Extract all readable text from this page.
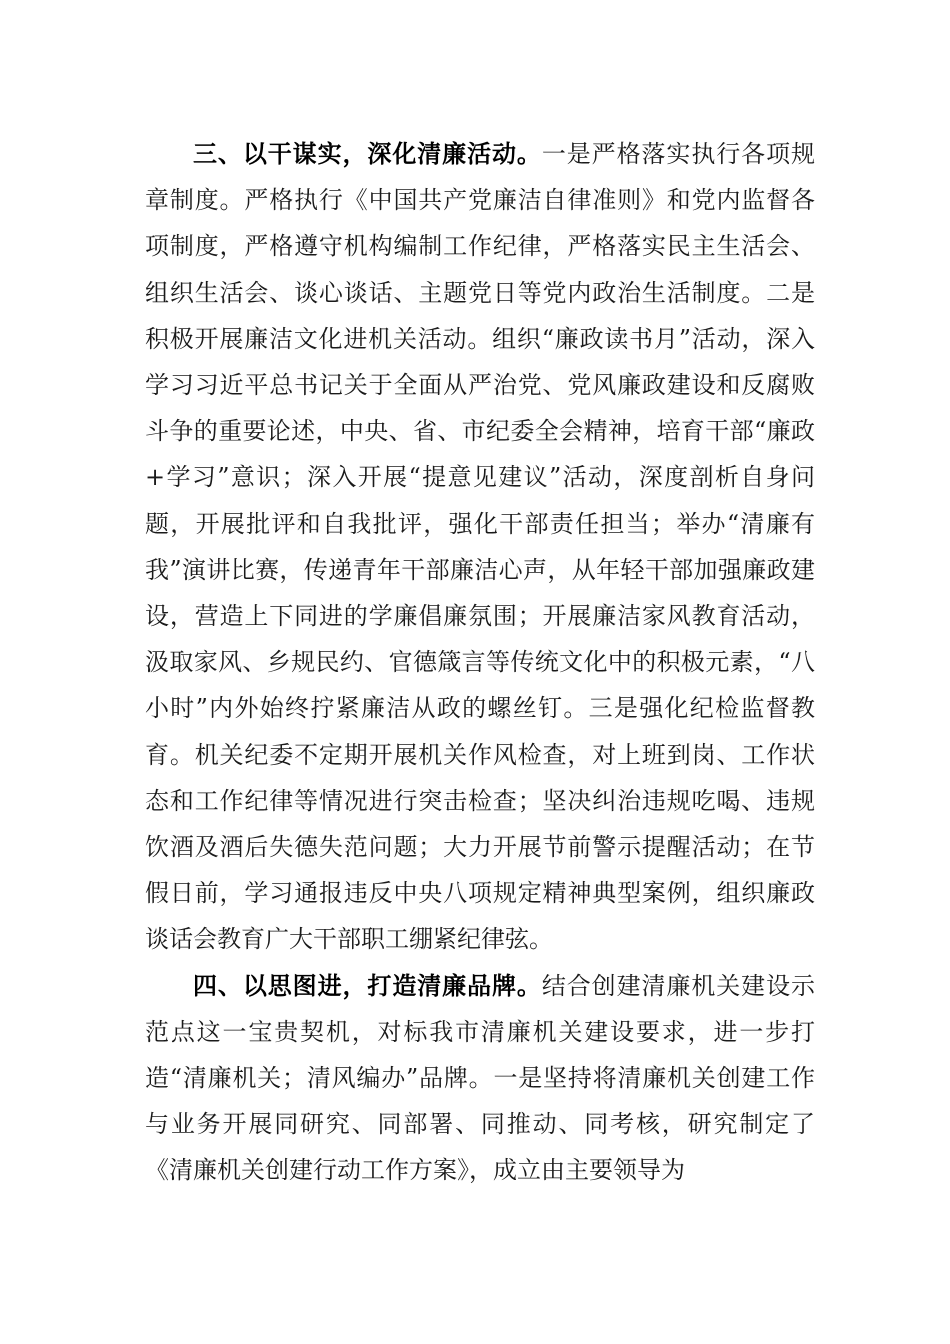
三、以干谋实，深化清廉活动。一是严格落实执行各项规章制度。严格执行《中国共产党廉洁自律准则》和党内监督各项制度，严格遵守机构编制工作纪律，严格落实民主生活会、组织生活会、谈心谈话、主题党日等党内政治生活制度。二是积极开展廉洁文化进机关活动。组织“廉政读书月”活动，深入学习习近平总书记关于全面从严治党、党风廉政建设和反腐败斗争的重要论述，中央、省、市纪委全会精神，培育干部“廉政+学习”意识；深入开展“提意见建议”活动，深度剖析自身问题，开展批评和自我批评，强化干部责任担当；举办“清廉有我”演讲比赛，传递青年干部廉洁心声，从年轻干部加强廉政建设，营造上下同进的学廉倡廉氛围；开展廉洁家风教育活动，汲取家风、乡规民约、官德箴言等传统文化中的积极元素，“八小时”内外始终拧紧廉洁从政的螺丝钉。三是强化纪检监督教育。机关纪委不定期开展机关作风检查，对上班到岗、工作状态和工作纪律等情况进行突击检查；坚决纠治违规吃喝、违规饮酒及酒后失德失范问题；大力开展节前警示提醒活动；在节假日前，学习通报违反中央八项规定精神典型案例，组织廉政谈话会教育广大干部职工绷紧纪律弦。

四、以思图进，打造清廉品牌。结合创建清廉机关建设示范点这一宝贵契机，对标我市清廉机关建设要求，进一步打造“清廉机关；清风编办”品牌。一是坚持将清廉机关创建工作与业务开展同研究、同部署、同推动、同考核，研究制定了《清廉机关创建行动工作方案》，成立由主要领导为
